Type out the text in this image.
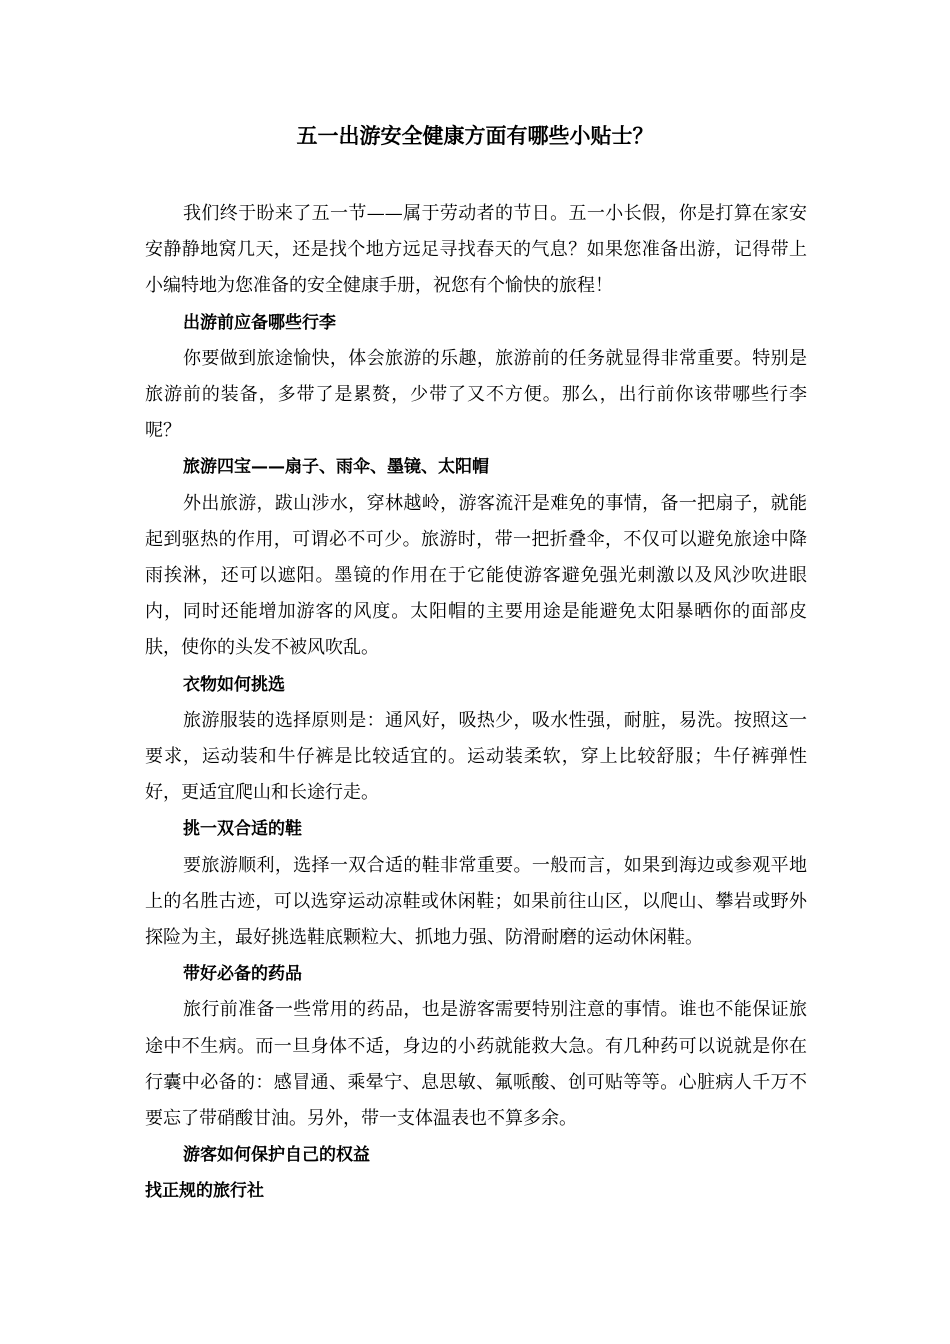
五一出游安全健康方面有哪些小贴士？

我们终于盼来了五一节——属于劳动者的节日。五一小长假，你是打算在家安安静静地窝几天，还是找个地方远足寻找春天的气息？如果您准备出游，记得带上小编特地为您准备的安全健康手册，祝您有个愉快的旅程！

出游前应备哪些行李

你要做到旅途愉快，体会旅游的乐趣，旅游前的任务就显得非常重要。特别是旅游前的装备，多带了是累赘，少带了又不方便。那么，出行前你该带哪些行李呢？

旅游四宝——扇子、雨伞、墨镜、太阳帽

外出旅游，跋山涉水，穿林越岭，游客流汗是难免的事情，备一把扇子，就能起到驱热的作用，可谓必不可少。旅游时，带一把折叠伞，不仅可以避免旅途中降雨挨淋，还可以遮阳。墨镜的作用在于它能使游客避免强光刺激以及风沙吹进眼内，同时还能增加游客的风度。太阳帽的主要用途是能避免太阳暴晒你的面部皮肤，使你的头发不被风吹乱。

衣物如何挑选

旅游服装的选择原则是：通风好，吸热少，吸水性强，耐脏，易洗。按照这一要求，运动装和牛仔裤是比较适宜的。运动装柔软，穿上比较舒服；牛仔裤弹性好，更适宜爬山和长途行走。

挑一双合适的鞋

要旅游顺利，选择一双合适的鞋非常重要。一般而言，如果到海边或参观平地上的名胜古迹，可以选穿运动凉鞋或休闲鞋；如果前往山区，以爬山、攀岩或野外探险为主，最好挑选鞋底颗粒大、抓地力强、防滑耐磨的运动休闲鞋。

带好必备的药品

旅行前准备一些常用的药品，也是游客需要特别注意的事情。谁也不能保证旅途中不生病。而一旦身体不适，身边的小药就能救大急。有几种药可以说就是你在行囊中必备的：感冒通、乘晕宁、息思敏、氟哌酸、创可贴等等。心脏病人千万不要忘了带硝酸甘油。另外，带一支体温表也不算多余。

游客如何保护自己的权益

找正规的旅行社
